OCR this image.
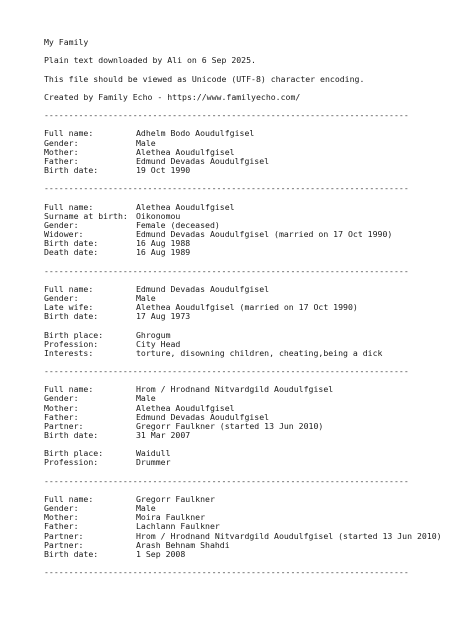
My Family
Plain text downloaded by Ali on 6 Sep 2025.
This file should be viewed as Unicode (UTF-8) character encoding.
Created by Family Echo - https://www.familyecho.com/
--------------------------------------------------------------------------
Full name:	Adhelm Bodo Aoudulfgisel
Gender:	Male
Mother:	Alethea Aoudulfgisel
Father:	Edmund Devadas Aoudulfgisel
Birth date:	19 Oct 1990
--------------------------------------------------------------------------
Full name:	Alethea Aoudulfgisel
Surname at birth: Oikonomou
Gender:	Female (deceased)
Widower:	Edmund Devadas Aoudulfgisel (married on 17 Oct 1990)
Birth date:	16 Aug 1988
Death date:	16 Aug 1989
--------------------------------------------------------------------------
Full name:	Edmund Devadas Aoudulfgisel
Gender:	Male
Late wife:	Alethea Aoudulfgisel (married on 17 Oct 1990)
Birth date:	17 Aug 1973
Birth place:	Ghrogum
Profession:	City Head
Interests:	torture, disowning children, cheating,being a dick
--------------------------------------------------------------------------
Full name:	Hrom / Hrodnand Nitvardgild Aoudulfgisel
Gender:	Male
Mother:	Alethea Aoudulfgisel
Father:	Edmund Devadas Aoudulfgisel
Partner:	Gregorr Faulkner (started 13 Jun 2010)
Birth date:	31 Mar 2007
Birth place:	Waidull
Profession:	Drummer
--------------------------------------------------------------------------
Full name:	Gregorr Faulkner
Gender:	Male
Mother:	Moira Faulkner
Father:	Lachlann Faulkner
Partner:	Hrom / Hrodnand Nitvardgild Aoudulfgisel (started 13 Jun 2010)
Partner:	Arash Behnam Shahdi
Birth date:	1 Sep 2008
--------------------------------------------------------------------------
